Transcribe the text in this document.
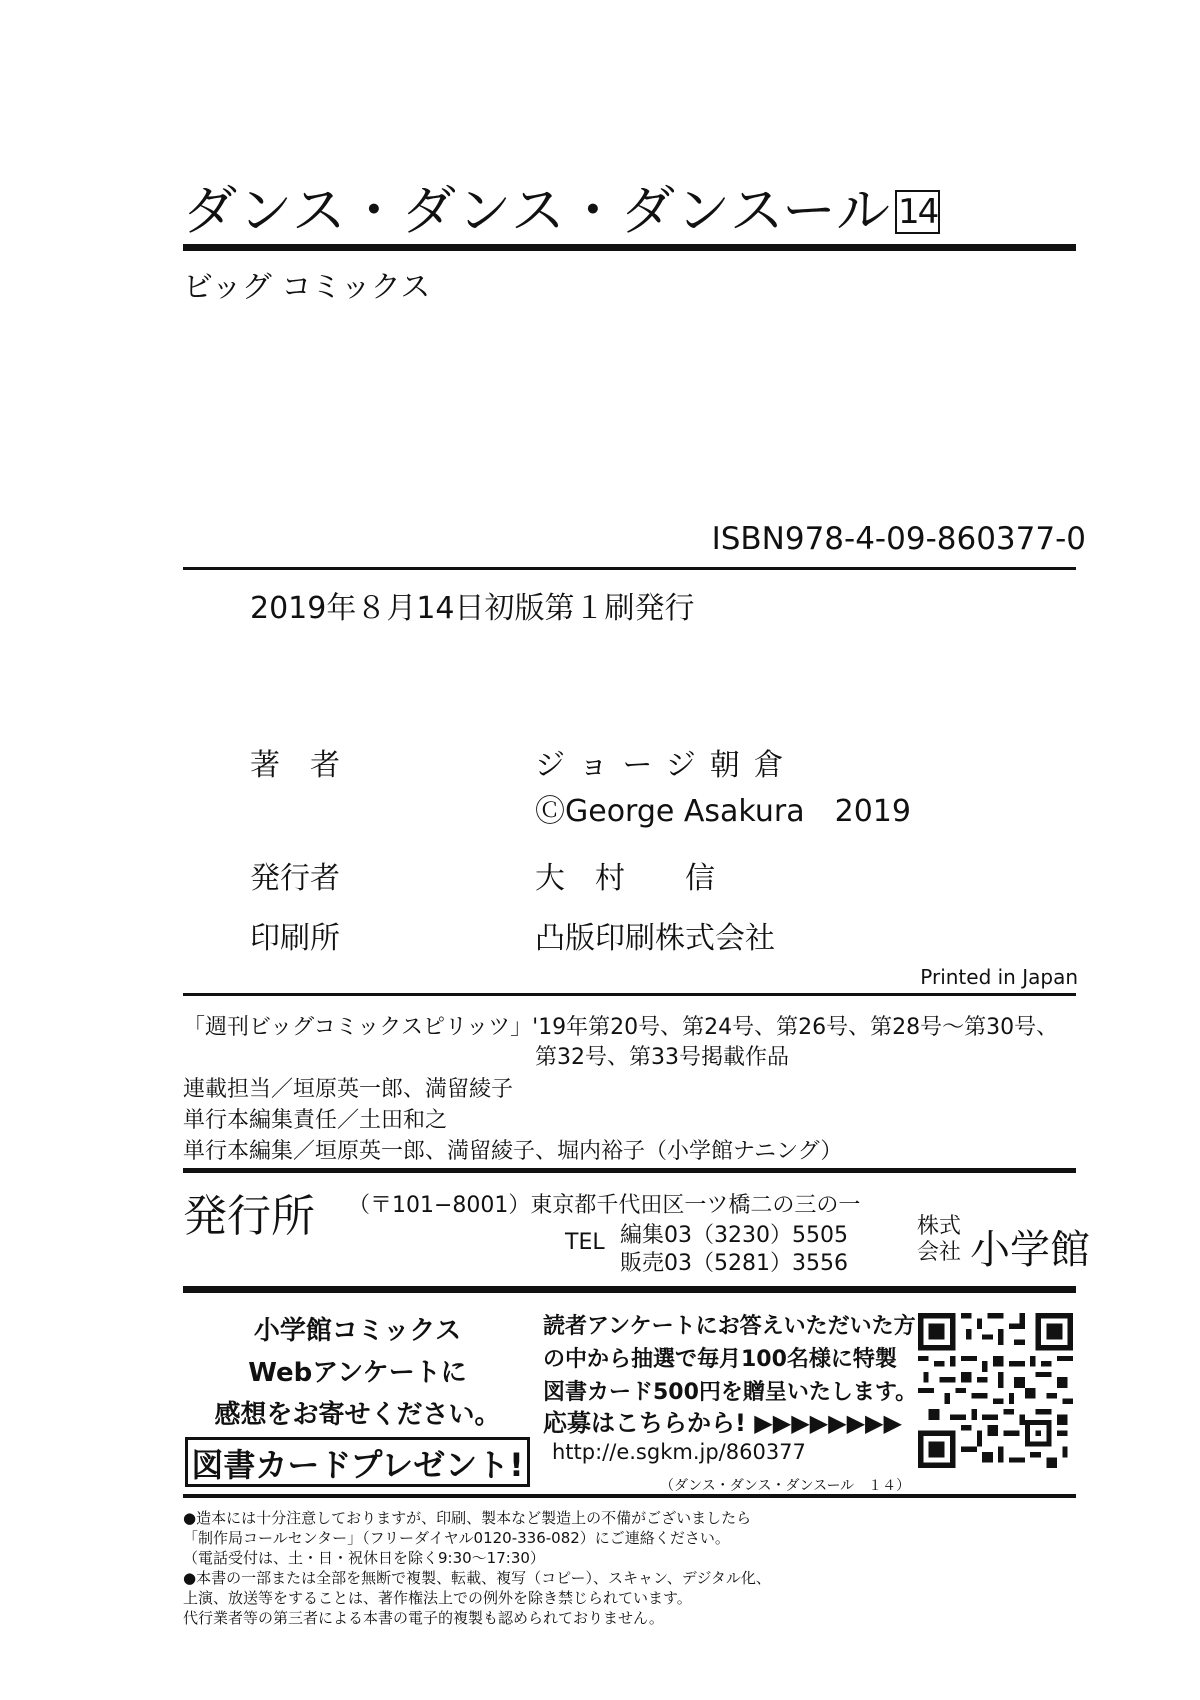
ダンス・ダンス・ダンスール 14
ビッグ コミックス
ISBN978-4-09-860377-0
2019年８月14日初版第１刷発行
著　者	ジョージ朝倉
ⒸGeorge Asakura　2019
発行者	大　村　　信
印刷所	凸版印刷株式会社
Printed in Japan
「週刊ビッグコミックスピリッツ」'19年第20号、第24号、第26号、第28号〜第30号、
第32号、第33号掲載作品
連載担当／垣原英一郎、満留綾子
単行本編集責任／土田和之
単行本編集／垣原英一郎、満留綾子、堀内裕子（小学館ナニング）
発行所 （〒101−8001）東京都千代田区一ツ橋二の三の一
TEL 編集03（3230）5505
販売03（5281）3556
株式
会社 小学館
小学館コミックス
Webアンケートに
感想をお寄せください。
図書カードプレゼント!
読者アンケートにお答えいただいた方
の中から抽選で毎月100名様に特製
図書カード500円を贈呈いたします。
応募はこちらから! ▶▶▶▶▶▶▶▶
http://e.sgkm.jp/860377
（ダンス・ダンス・ダンスール　１４）
●造本には十分注意しておりますが、印刷、製本など製造上の不備がございましたら
「制作局コールセンター」（フリーダイヤル0120-336-082）にご連絡ください。
（電話受付は、土・日・祝休日を除く9:30〜17:30）
●本書の一部または全部を無断で複製、転載、複写（コピー）、スキャン、デジタル化、
上演、放送等をすることは、著作権法上での例外を除き禁じられています。
代行業者等の第三者による本書の電子的複製も認められておりません。
